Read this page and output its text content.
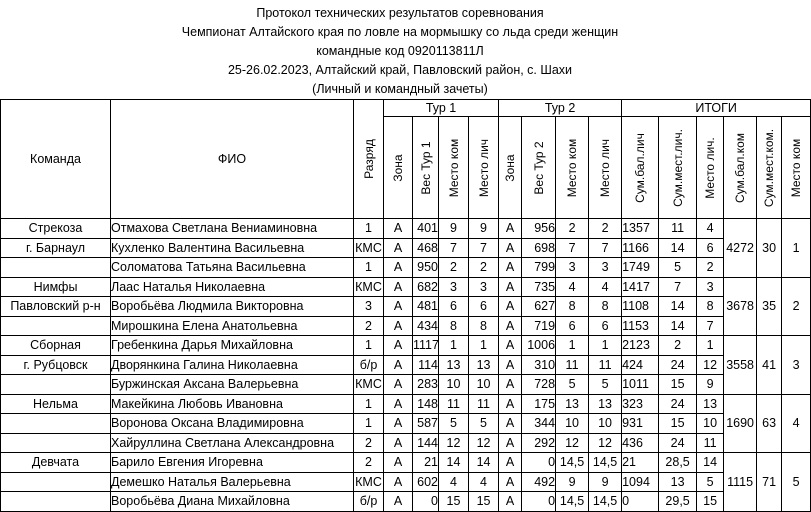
Протокол технических результатов соревнования
Чемпионат Алтайского края по ловле на мормышку со льда среди женщин
командные код 0920113811Л
25-26.02.2023, Алтайский край, Павловский район, с. Шахи
(Личный и командный зачеты)
Команда	ФИО	Разряд	Тур 1				Тур 2				ИТОГИ					

			Зона	Вес Тур 1	Место ком	Место лич	Зона	Вес Тур 2	Место ком	Место лич	Сум.бал.лич	Сум.мест.лич.	Место лич.	Сум.бал.ком	Сум.мест.ком.	Место ком

Стрекоза	Отмахова Светлана Вениаминовна	1	А	401	9	9	А	956	2	2	1357	11	4	4272	30	1
г. Барнаул	Кухленко Валентина Васильевна	КМС	А	468	7	7	А	698	7	7	1166	14	6			
	Соломатова Татьяна Васильевна	1	А	950	2	2	А	799	3	3	1749	5	2			
Нимфы	Лаас Наталья Николаевна	КМС	А	682	3	3	А	735	4	4	1417	7	3	3678	35	2
Павловский р-н	Воробьёва Людмила Викторовна	3	А	481	6	6	А	627	8	8	1108	14	8			
	Мирошкина Елена Анатольевна	2	А	434	8	8	А	719	6	6	1153	14	7			
Сборная	Гребенкина Дарья Михайловна	1	А	1117	1	1	А	1006	1	1	2123	2	1	3558	41	3
г. Рубцовск	Дворянкина Галина Николаевна	б/р	А	114	13	13	А	310	11	11	424	24	12			
	Буржинская Аксана Валерьевна	КМС	А	283	10	10	А	728	5	5	1011	15	9			
Нельма	Макейкина Любовь Ивановна	1	А	148	11	11	А	175	13	13	323	24	13	1690	63	4
	Воронова Оксана Владимировна	1	А	587	5	5	А	344	10	10	931	15	10			
	Хайруллина Светлана Александровна	2	А	144	12	12	А	292	12	12	436	24	11			
Девчата	Барило Евгения Игоревна	2	А	21	14	14	А	0	14,5	14,5	21	28,5	14	1115	71	5
	Демешко Наталья Валерьевна	КМС	А	602	4	4	А	492	9	9	1094	13	5			
	Воробьёва Диана Михайловна	б/р	А	0	15	15	А	0	14,5	14,5	0	29,5	15			
